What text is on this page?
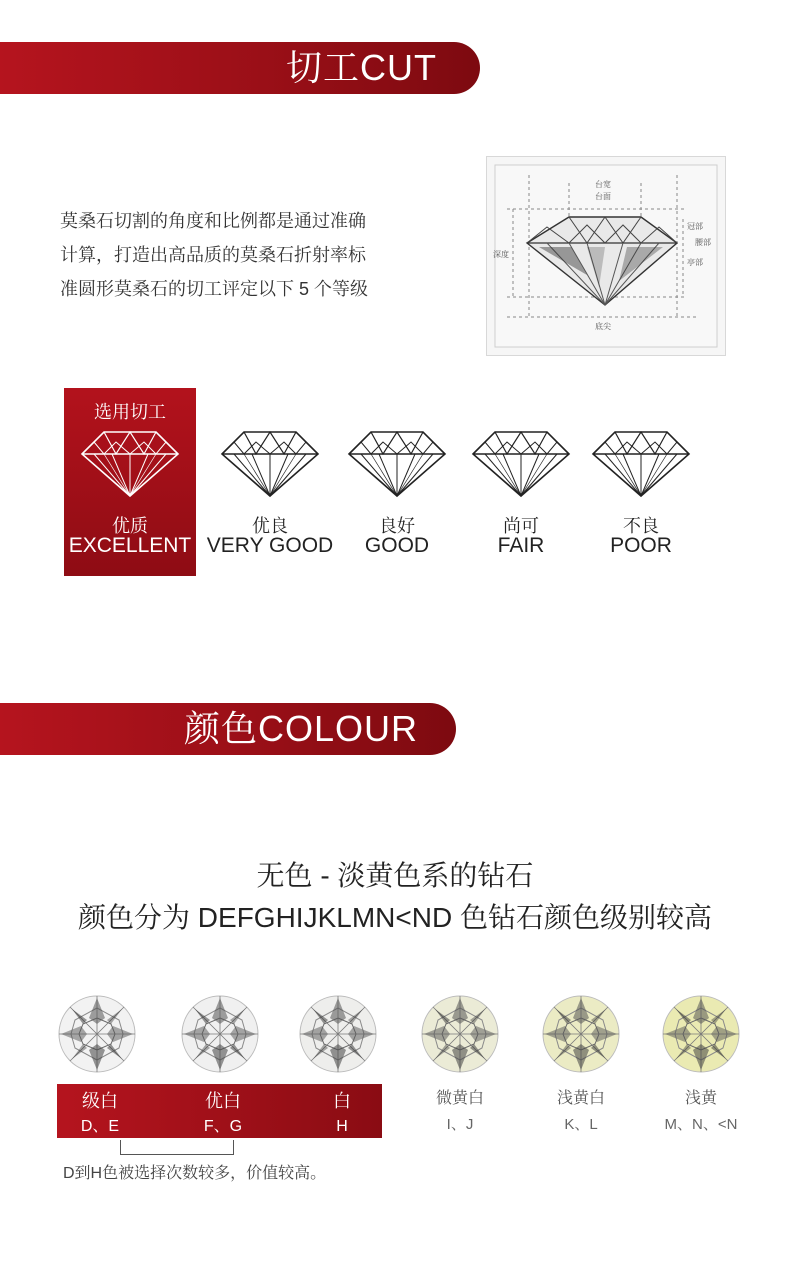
切工CUT
莫桑石切割的角度和比例都是通过准确
计算，打造出高品质的莫桑石折射率标
准圆形莫桑石的切工评定以下 5 个等级
台宽
台面
冠部
腰部
亭部
深度
底尖
选用切工
优质
EXCELLENT
优良
VERY GOOD
良好
GOOD
尚可
FAIR
不良
POOR
颜色COLOUR
无色 - 淡黄色系的钻石
颜色分为 DEFGHIJKLMN<ND 色钻石颜色级别较高
级白
D、E
优白
F、G
白
H
微黄白
I、J
浅黄白
K、L
浅黄
M、N、<N
D到H色被选择次数较多，价值较高。
